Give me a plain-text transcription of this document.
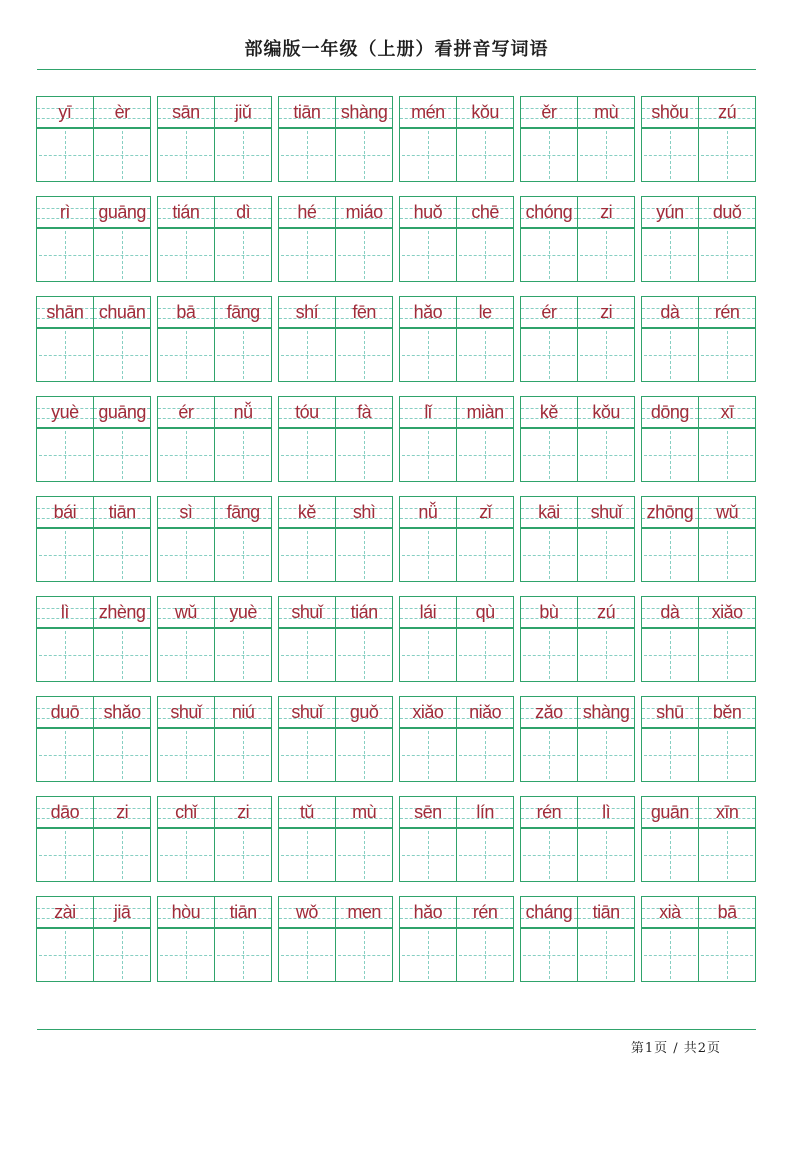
部编版一年级（上册）看拼音写词语
yī èr sān jiǔ tiān shàng mén kǒu ěr mù shǒu zú
rì guāng tián dì	hé miáo huǒ chē chóng zi yún duǒ
shān chuān bā fāng shí fēn hǎo le	ér zi	dà rén
yuè guāng ér nǚ tóu fà	lǐ miàn kě kǒu dōng xī
bái tiān sì fāng kě shì nǚ zǐ	kāi shuǐ zhōng wǔ
lì zhèng wǔ yuè shuǐ tián lái qù bù zú	dà xiǎo
duō shǎo shuǐ niú shuǐ guǒ xiǎo niǎo zǎo shàng shū běn
dāo zi	chǐ zi	tǔ mù sēn lín rén lì guān xīn
zài jiā hòu tiān wǒ men hǎo rén cháng tiān xià bā
第1页 / 共2页
